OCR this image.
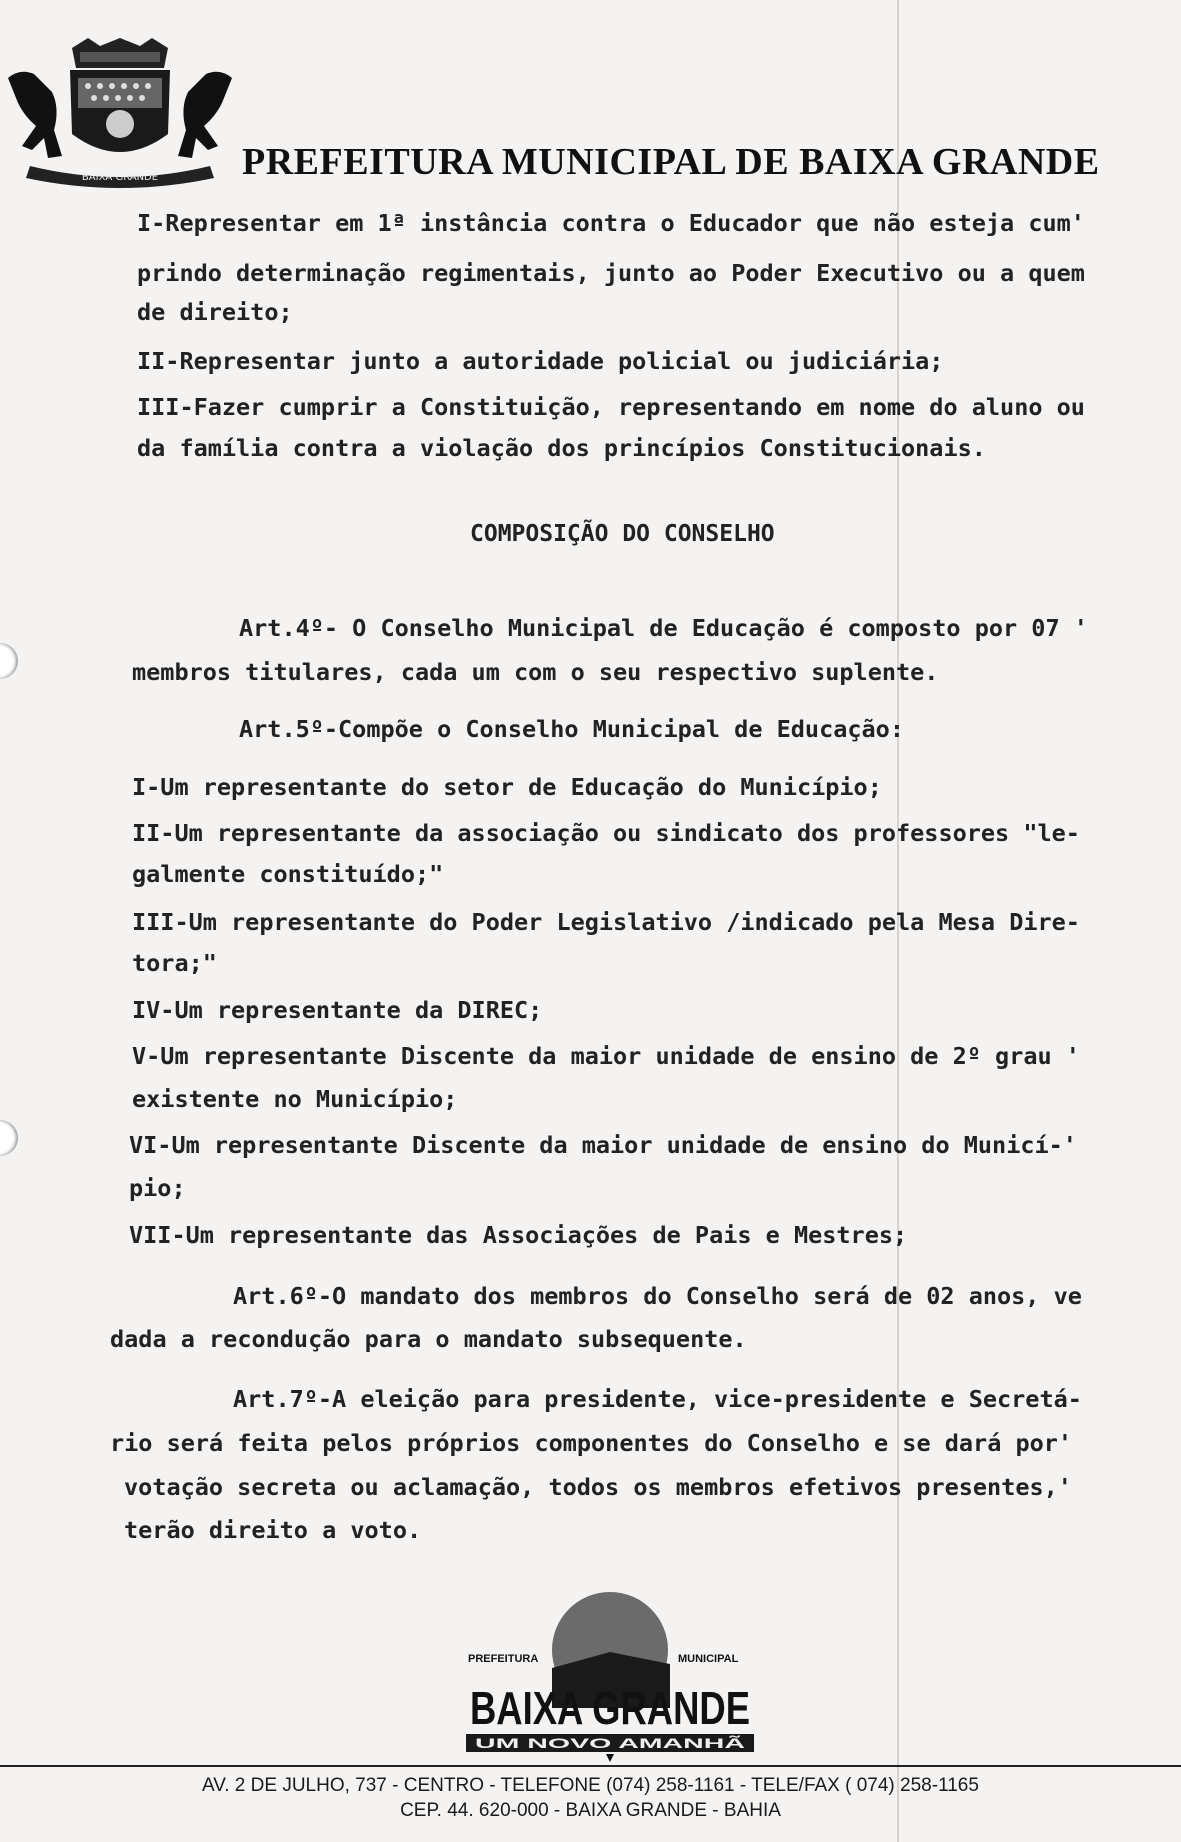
BAIXA GRANDE PREFEITURA MUNICIPAL DE BAIXA GRANDE
I-Representar em 1ª instância contra o Educador que não esteja cum'
prindo determinação regimentais, junto ao Poder Executivo ou a quem
de direito;
II-Representar junto a autoridade policial ou judiciária;
III-Fazer cumprir a Constituição, representando em nome do aluno ou
da família contra a violação dos princípios Constitucionais.
COMPOSIÇÃO DO CONSELHO
Art.4º- O Conselho Municipal de Educação é composto por 07 '
membros titulares, cada um com o seu respectivo suplente.
Art.5º-Compõe o Conselho Municipal de Educação:
I-Um representante do setor de Educação do Município;
II-Um representante da associação ou sindicato dos professores "le-
galmente constituído;"
III-Um representante do Poder Legislativo /indicado pela Mesa Dire-
tora;"
IV-Um representante da DIREC;
V-Um representante Discente da maior unidade de ensino de 2º grau '
existente no Município;
VI-Um representante Discente da maior unidade de ensino do Municí-'
pio;
VII-Um representante das Associações de Pais e Mestres;
Art.6º-O mandato dos membros do Conselho será de 02 anos, ve
dada a recondução para o mandato subsequente.
Art.7º-A eleição para presidente, vice-presidente e Secretá-
rio será feita pelos próprios componentes do Conselho e se dará por'
votação secreta ou aclamação, todos os membros efetivos presentes,'
terão direito a voto.
PREFEITURA	MUNICIPAL
BAIXA GRANDE
UM NOVO AMANHÃ
AV. 2 DE JULHO, 737 - CENTRO - TELEFONE (074) 258-1161 - TELE/FAX ( 074) 258-1165
CEP. 44. 620-000 - BAIXA GRANDE - BAHIA
